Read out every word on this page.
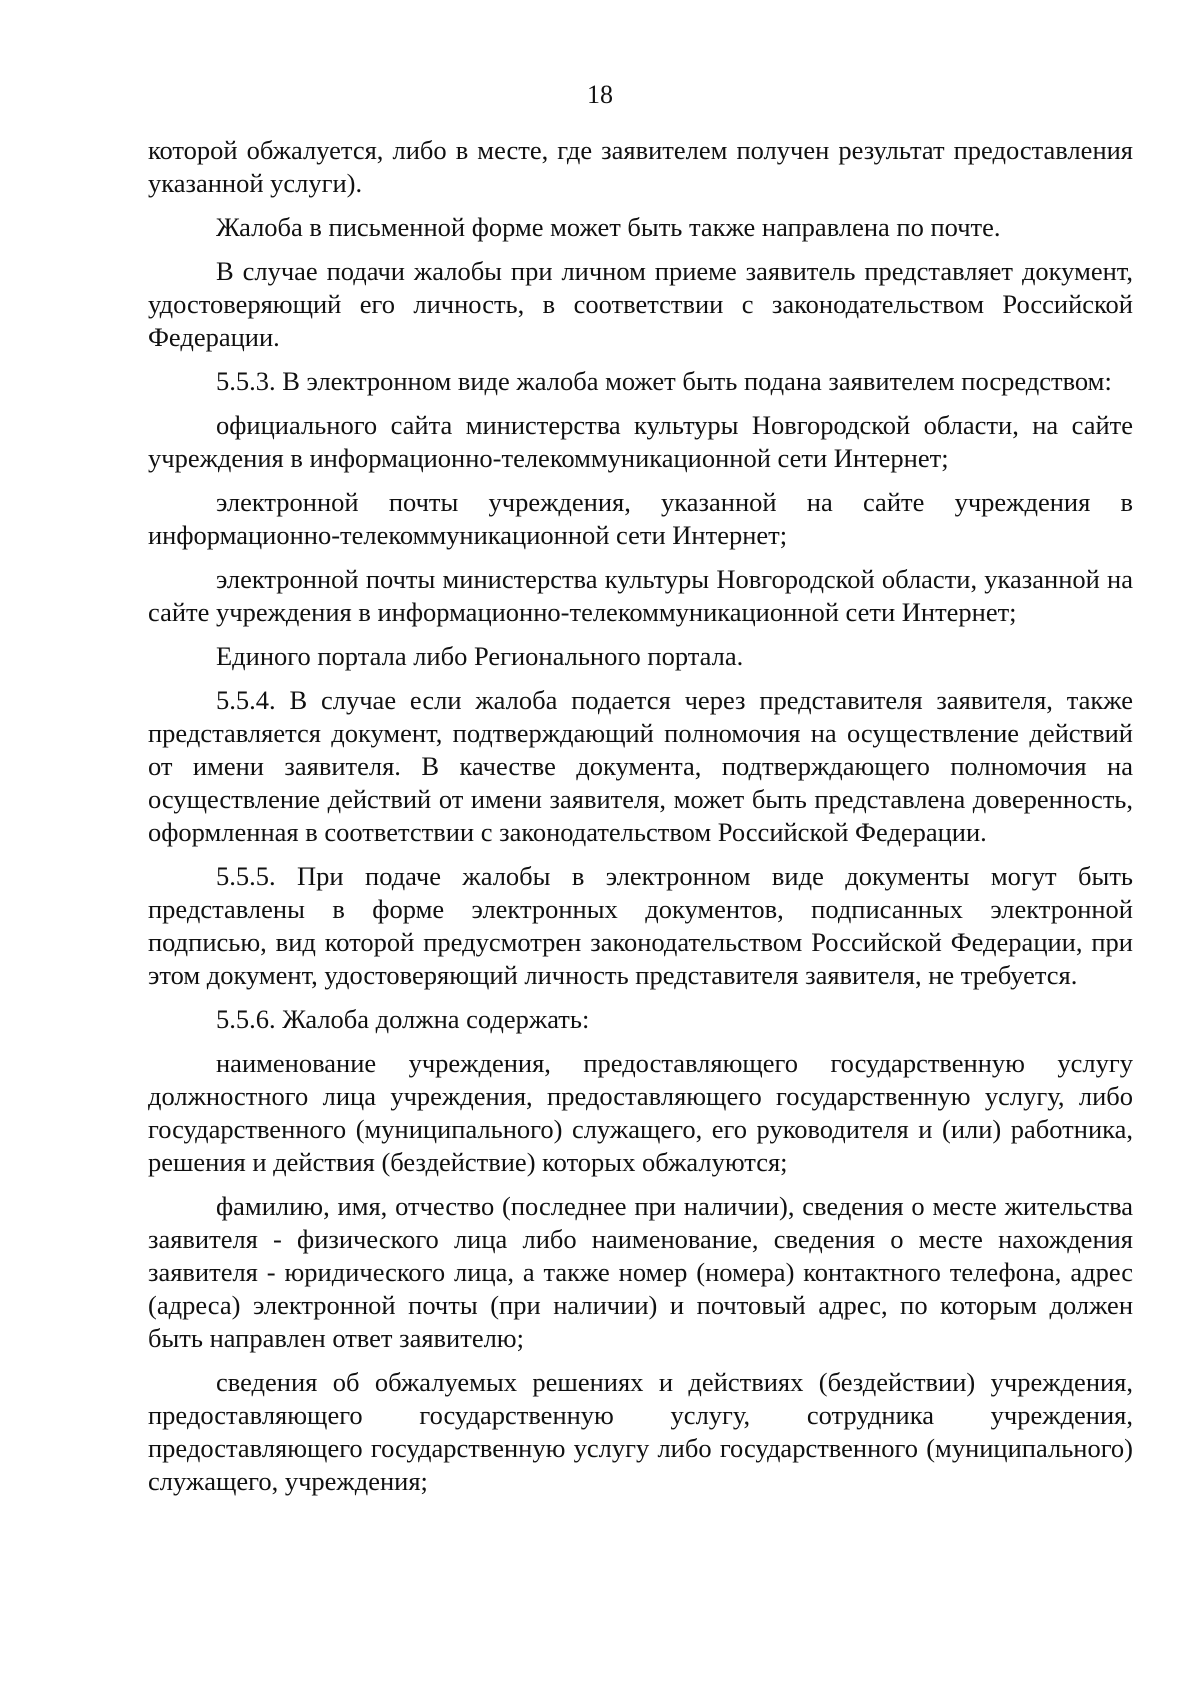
18

которой обжалуется, либо в месте, где заявителем получен результат предоставления указанной услуги).

Жалоба в письменной форме может быть также направлена по почте.

В случае подачи жалобы при личном приеме заявитель представляет документ, удостоверяющий его личность, в соответствии с законодательством Российской Федерации.

5.5.3. В электронном виде жалоба может быть подана заявителем посредством:

официального сайта министерства культуры Новгородской области, на сайте учреждения в информационно-телекоммуникационной сети Интернет;

электронной почты учреждения, указанной на сайте учреждения в информационно-телекоммуникационной сети Интернет;

электронной почты министерства культуры Новгородской области, указанной на сайте учреждения в информационно-телекоммуникационной сети Интернет;

Единого портала либо Регионального портала.

5.5.4. В случае если жалоба подается через представителя заявителя, также представляется документ, подтверждающий полномочия на осуществление действий от имени заявителя. В качестве документа, подтверждающего полномочия на осуществление действий от имени заявителя, может быть представлена доверенность, оформленная в соответствии с законодательством Российской Федерации.

5.5.5. При подаче жалобы в электронном виде документы могут быть представлены в форме электронных документов, подписанных электронной подписью, вид которой предусмотрен законодательством Российской Федерации, при этом документ, удостоверяющий личность представителя заявителя, не требуется.

5.5.6. Жалоба должна содержать:

наименование учреждения, предоставляющего государственную услугу должностного лица учреждения, предоставляющего государственную услугу, либо государственного (муниципального) служащего, его руководителя и (или) работника, решения и действия (бездействие) которых обжалуются;

фамилию, имя, отчество (последнее при наличии), сведения о месте жительства заявителя - физического лица либо наименование, сведения о месте нахождения заявителя - юридического лица, а также номер (номера) контактного телефона, адрес (адреса) электронной почты (при наличии) и почтовый адрес, по которым должен быть направлен ответ заявителю;

сведения об обжалуемых решениях и действиях (бездействии) учреждения, предоставляющего государственную услугу, сотрудника учреждения, предоставляющего государственную услугу либо государственного (муниципального) служащего, учреждения;
